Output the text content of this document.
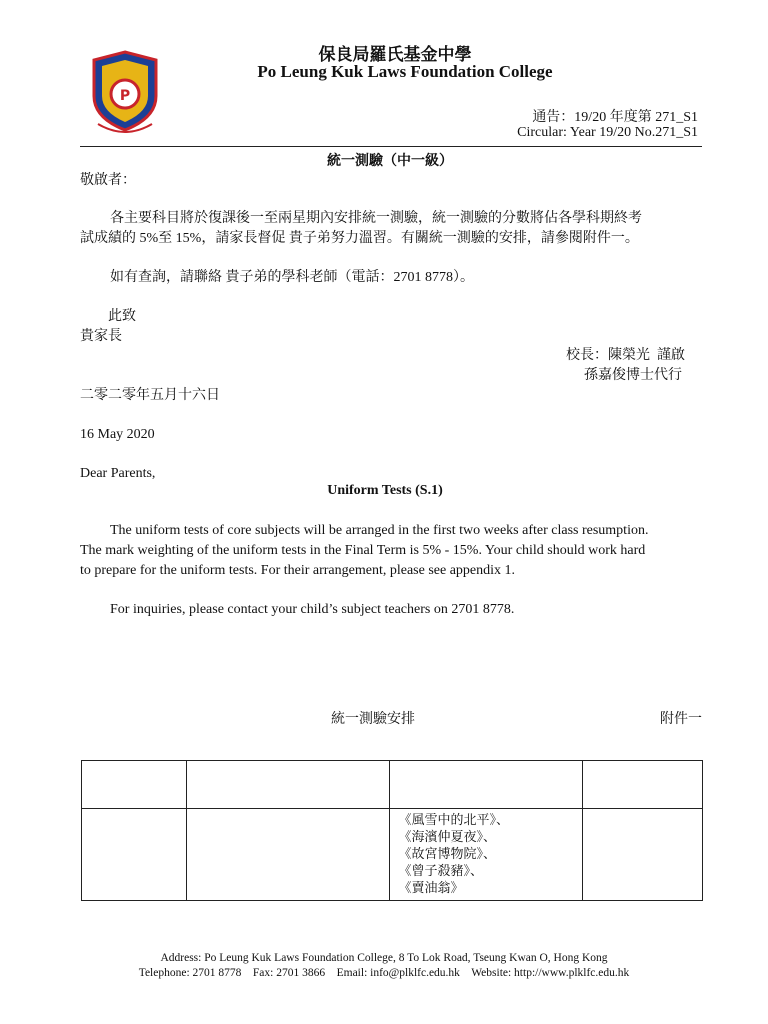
P
保良局羅氏基金中學
Po Leung Kuk Laws Foundation College
通告：19/20 年度第 271_S1
Circular: Year 19/20 No.271_S1
統一測驗（中一級）
敬啟者：
各主要科目將於復課後一至兩星期內安排統一測驗，統一測驗的分數將佔各學科期終考
試成績的 5%至 15%，請家長督促 貴子弟努力溫習。有關統一測驗的安排，請參閱附件一。
如有查詢，請聯絡 貴子弟的學科老師（電話：2701 8778）。
此致
貴家長
校長：陳榮光  謹啟
孫嘉俊博士代行
二零二零年五月十六日
16 May 2020
Dear Parents,
Uniform Tests (S.1)
The uniform tests of core subjects will be arranged in the first two weeks after class resumption.
The mark weighting of the uniform tests in the Final Term is 5% - 15%. Your child should work hard
to prepare for the uniform tests. For their arrangement, please see appendix 1.
For inquiries, please contact your child’s subject teachers on 2701 8778.
統一測驗安排	附件一

		《風雪中的北平》、
《海濱仲夏夜》、
《故宮博物院》、
《曾子殺豬》、
《賣油翁》	
Address: Po Leung Kuk Laws Foundation College, 8 To Lok Road, Tseung Kwan O, Hong Kong
Telephone: 2701 8778 Fax: 2701 3866 Email: info@plklfc.edu.hk Website: http://www.plklfc.edu.hk
